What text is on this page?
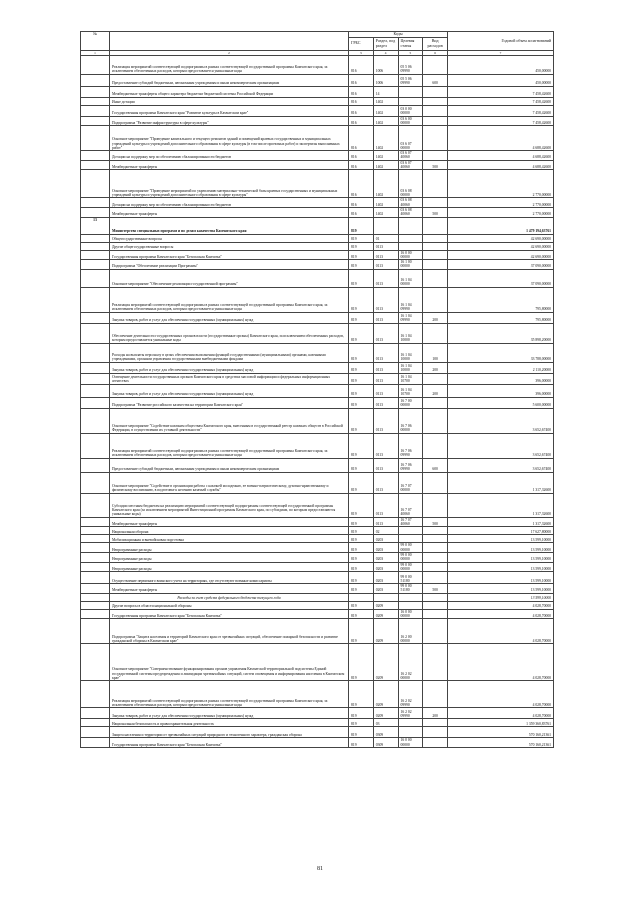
№		Коды				Годовой объем ассигнований
		ГРБС	Раздел, под раздел	Целевая статья	Вид расходов	
1	2	3	4	5	6	7
	Реализация мероприятий соответствующей подпрограммы в рамках соответствующей государственной программы Камчатского края, за исключением обеспеченных расходов, которым предоставляется уникальные коды	816	1006	05 5 06 09990		450,00000
	Предоставление субсидий бюджетным, автономным учреждениям и иным некоммерческим организациям	816	1006	05 5 06 09990	600	450,00000
	Межбюджетные трансферты общего характера бюджетам бюджетной системы Российской Федерации	816	14			7 458,42600
	Иные дотации	816	1402			7 458,42600
	Государственная программа Камчатского края "Развитие культуры в Камчатском крае"	816	1402	03 0 00 00000		7 458,42600
	Подпрограмма "Развитие инфраструктуры в сфере культуры"	816	1402	03 6 00 00000		7 458,42600
	Основное мероприятие "Проведение капитального и текущего ремонтов зданий и помещений краевых государственных и муниципальных учреждений культуры и учреждений дополнительного образования в сфере культуры (в том числе проектных работ) и экспертизы выполненных работ"	816	1402	03 6 07 00000		4 688,42600
	Дотации на поддержку мер по обеспечению сбалансированности бюджетов	816	1402	03 6 07 40060		4 688,42600
	Межбюджетные трансферты	816	1402	03 6 07 40060	500	4 688,42600
	Основное мероприятие "Проведение мероприятий по укреплению материально-технической базы краевых государственных и муниципальных учреждений культуры и учреждений дополнительного образования в сфере культуры"	816	1402	03 6 08 00000		2 770,00000
	Дотации на поддержку мер по обеспечению сбалансированности бюджетов	816	1402	03 6 08 40060		2 770,00000
	Межбюджетные трансферты	816	1402	03 6 08 40060	500	2 770,00000
13	Министерство специальных программ и по делам казачества Камчатского края	819				1 479 194,63761
	Общегосударственные вопросы	819	01			42 690,00000
	Другие общегосударственные вопросы	819	0113			42 690,00000
	Государственная программа Камчатского края "Безопасная Камчатка"	819	0113	16 0 00 00000		42 690,00000
	Подпрограмма "Обеспечение реализации Программы"	819	0113	16 1 00 00000		37 090,00000
	Основное мероприятие "Обеспечение реализации государственной программы"	819	0113	16 1 04 00000		37 090,00000
	Реализация мероприятий соответствующей подпрограммы в рамках соответствующей государственной программы Камчатского края, за исключением обеспеченных расходов, которым предоставляется уникальные коды	819	0113	16 1 04 09990		795,80000
	Закупка товаров, работ и услуг для обеспечения государственных (муниципальных) нужд	819	0113	16 1 04 09990	200	795,80000
	Обеспечение деятельности государственных органов власти (государственные органы) Камчатского края, за исключением обеспеченных расходов, которым предоставляется уникальные коды	819	0113	16 1 04 10000		35 898,20000
	Расходы на выплаты персоналу в целях обеспечения выполнения функций государственными (муниципальными) органами, казенными учреждениями, органами управления государственными внебюджетными фондами	819	0113	16 1 04 10000	100	33 788,00000
	Закупка товаров, работ и услуг для обеспечения государственных (муниципальных) нужд	819	0113	16 1 04 10000	200	2 110,20000
	Освещение деятельности государственных органов Камчатского края в средствах массовой информации и федеральных информационных агентствах	819	0113	16 1 04 10700		396,00000
	Закупка товаров, работ и услуг для обеспечения государственных (муниципальных) нужд	819	0113	16 1 04 10700	200	396,00000
	Подпрограмма "Развитие российского казачества на территории Камчатского края"	819	0113	16 7 00 00000		5 600,00000
	Основное мероприятие "Содействие казачьим обществам Камчатского края, внесенным в государственный реестр казачьих обществ в Российской Федерации, в осуществлении их уставной деятельности"	819	0113	16 7 06 00000		3 652,67400
	Реализация мероприятий соответствующей подпрограммы в рамках соответствующей государственной программы Камчатского края, за исключением обеспеченных расходов, которым предоставляется уникальные коды	819	0113	16 7 06 09990		3 652,67400
	Предоставление субсидий бюджетным, автономным учреждениям и иным некоммерческим организациям	819	0113	16 7 06 09990	600	3 652,67400
	Основное мероприятие "Содействие в организации работы с казачьей молодежью, ее военно-патриотическому, духовно-нравственному и физическому воспитанию, в подготовке к несению казачьей службы"	819	0113	16 7 07 00000		1 317,32600
	Субсидии местным бюджетам на реализацию мероприятий соответствующей подпрограммы соответствующей государственной программы Камчатского края (за исключением мероприятий Инвестиционной программы Камчатского края, по субсидиям, по которым предоставляются уникальные коды)	819	0113	16 7 07 40060		1 317,32600
	Межбюджетные трансферты	819	0113	16 7 07 40060	500	1 317,32600
	Национальная оборона	819	02			17 627,80000
	Мобилизационная и вневойсковая подготовка	819	0203			13 599,10000
	Непрограммные расходы	819	0203	99 0 00 00000		13 599,10000
	Непрограммные расходы	819	0203	99 0 00 00000		13 599,10000
	Непрограммные расходы	819	0203	99 0 00 00000		13 599,10000
	Осуществление первичного воинского учета на территориях, где отсутствуют военные комиссариаты	819	0203	99 0 00 51180		13 599,10000
	Межбюджетные трансферты	819	0203	99 0 00 51180	500	13 599,10000
	Расходы за счет средств федерального бюджета текущего года					13 599,10000
	Другие вопросы в области национальной обороны	819	0209			4 028,70000
	Государственная программа Камчатского края "Безопасная Камчатка"	819	0209	16 0 00 00000		4 028,70000
	Подпрограмма "Защита населения и территорий Камчатского края от чрезвычайных ситуаций, обеспечение пожарной безопасности и развитие гражданской обороны в Камчатском крае"	819	0209	16 2 00 00000		4 028,70000
	Основное мероприятие "Совершенствование функционирования органов управления Камчатской территориальной подсистемы Единой государственной системы предупреждения и ликвидации чрезвычайных ситуаций, систем оповещения и информирования населения в Камчатском крае"	819	0209	16 2 02 00000		4 028,70000
	Реализация мероприятий соответствующей подпрограммы в рамках соответствующей государственной программы Камчатского края, за исключением обеспеченных расходов, которым предоставляется уникальные коды	819	0209	16 2 02 09990		4 028,70000
	Закупка товаров, работ и услуг для обеспечения государственных (муниципальных) нужд	819	0209	16 2 02 09990	200	4 028,70000
	Национальная безопасность и правоохранительная деятельность	819	03			1 359 360,83761
	Защита населения и территории от чрезвычайных ситуаций природного и техногенного характера, гражданская оборона	819	0309			570 160,21361
	Государственная программа Камчатского края "Безопасная Камчатка"	819	0309	16 0 00 00000		570 160,21361
81
